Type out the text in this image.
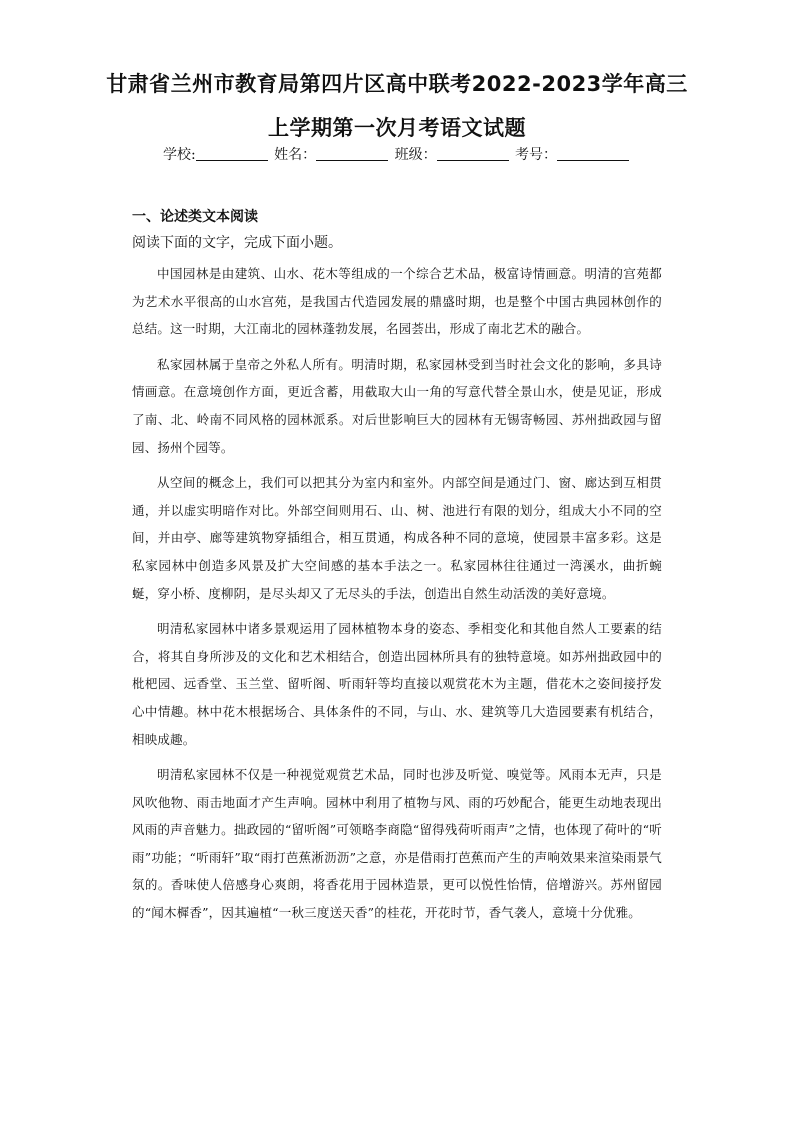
甘肃省兰州市教育局第四片区高中联考2022-2023学年高三
上学期第一次月考语文试题
学校:	姓名：	班级：	考号：
一、论述类文本阅读

阅读下面的文字，完成下面小题。

中国园林是由建筑、山水、花木等组成的一个综合艺术品，极富诗情画意。明清的宫苑都为艺术水平很高的山水宫苑，是我国古代造园发展的鼎盛时期，也是整个中国古典园林创作的总结。这一时期，大江南北的园林蓬勃发展，名园荟出，形成了南北艺术的融合。

私家园林属于皇帝之外私人所有。明清时期，私家园林受到当时社会文化的影响，多具诗情画意。在意境创作方面，更近含蓄，用截取大山一角的写意代替全景山水，使是见证，形成了南、北、岭南不同风格的园林派系。对后世影响巨大的园林有无锡寄畅园、苏州拙政园与留园、扬州个园等。

从空间的概念上，我们可以把其分为室内和室外。内部空间是通过门、窗、廊达到互相贯通，并以虚实明暗作对比。外部空间则用石、山、树、池进行有限的划分，组成大小不同的空间，并由亭、廊等建筑物穿插组合，相互贯通，构成各种不同的意境，使园景丰富多彩。这是私家园林中创造多风景及扩大空间感的基本手法之一。私家园林往往通过一湾溪水，曲折蜿蜒，穿小桥、度柳阴，是尽头却又了无尽头的手法，创造出自然生动活泼的美好意境。

明清私家园林中诸多景观运用了园林植物本身的姿态、季相变化和其他自然人工要素的结合，将其自身所涉及的文化和艺术相结合，创造出园林所具有的独特意境。如苏州拙政园中的枇杷园、远香堂、玉兰堂、留听阁、听雨轩等均直接以观赏花木为主题，借花木之姿间接抒发心中情趣。林中花木根据场合、具体条件的不同，与山、水、建筑等几大造园要素有机结合，相映成趣。

明清私家园林不仅是一种视觉观赏艺术品，同时也涉及听觉、嗅觉等。风雨本无声，只是风吹他物、雨击地面才产生声响。园林中利用了植物与风、雨的巧妙配合，能更生动地表现出风雨的声音魅力。拙政园的“留听阁”可领略李商隐“留得残荷听雨声”之情，也体现了荷叶的“听雨”功能；“听雨轩”取“雨打芭蕉淅沥沥”之意，亦是借雨打芭蕉而产生的声响效果来渲染雨景气氛的。香味使人倍感身心爽朗，将香花用于园林造景，更可以悦性怡情，倍增游兴。苏州留园的“闻木樨香”，因其遍植“一秋三度送天香”的桂花，开花时节，香气袭人，意境十分优雅。
